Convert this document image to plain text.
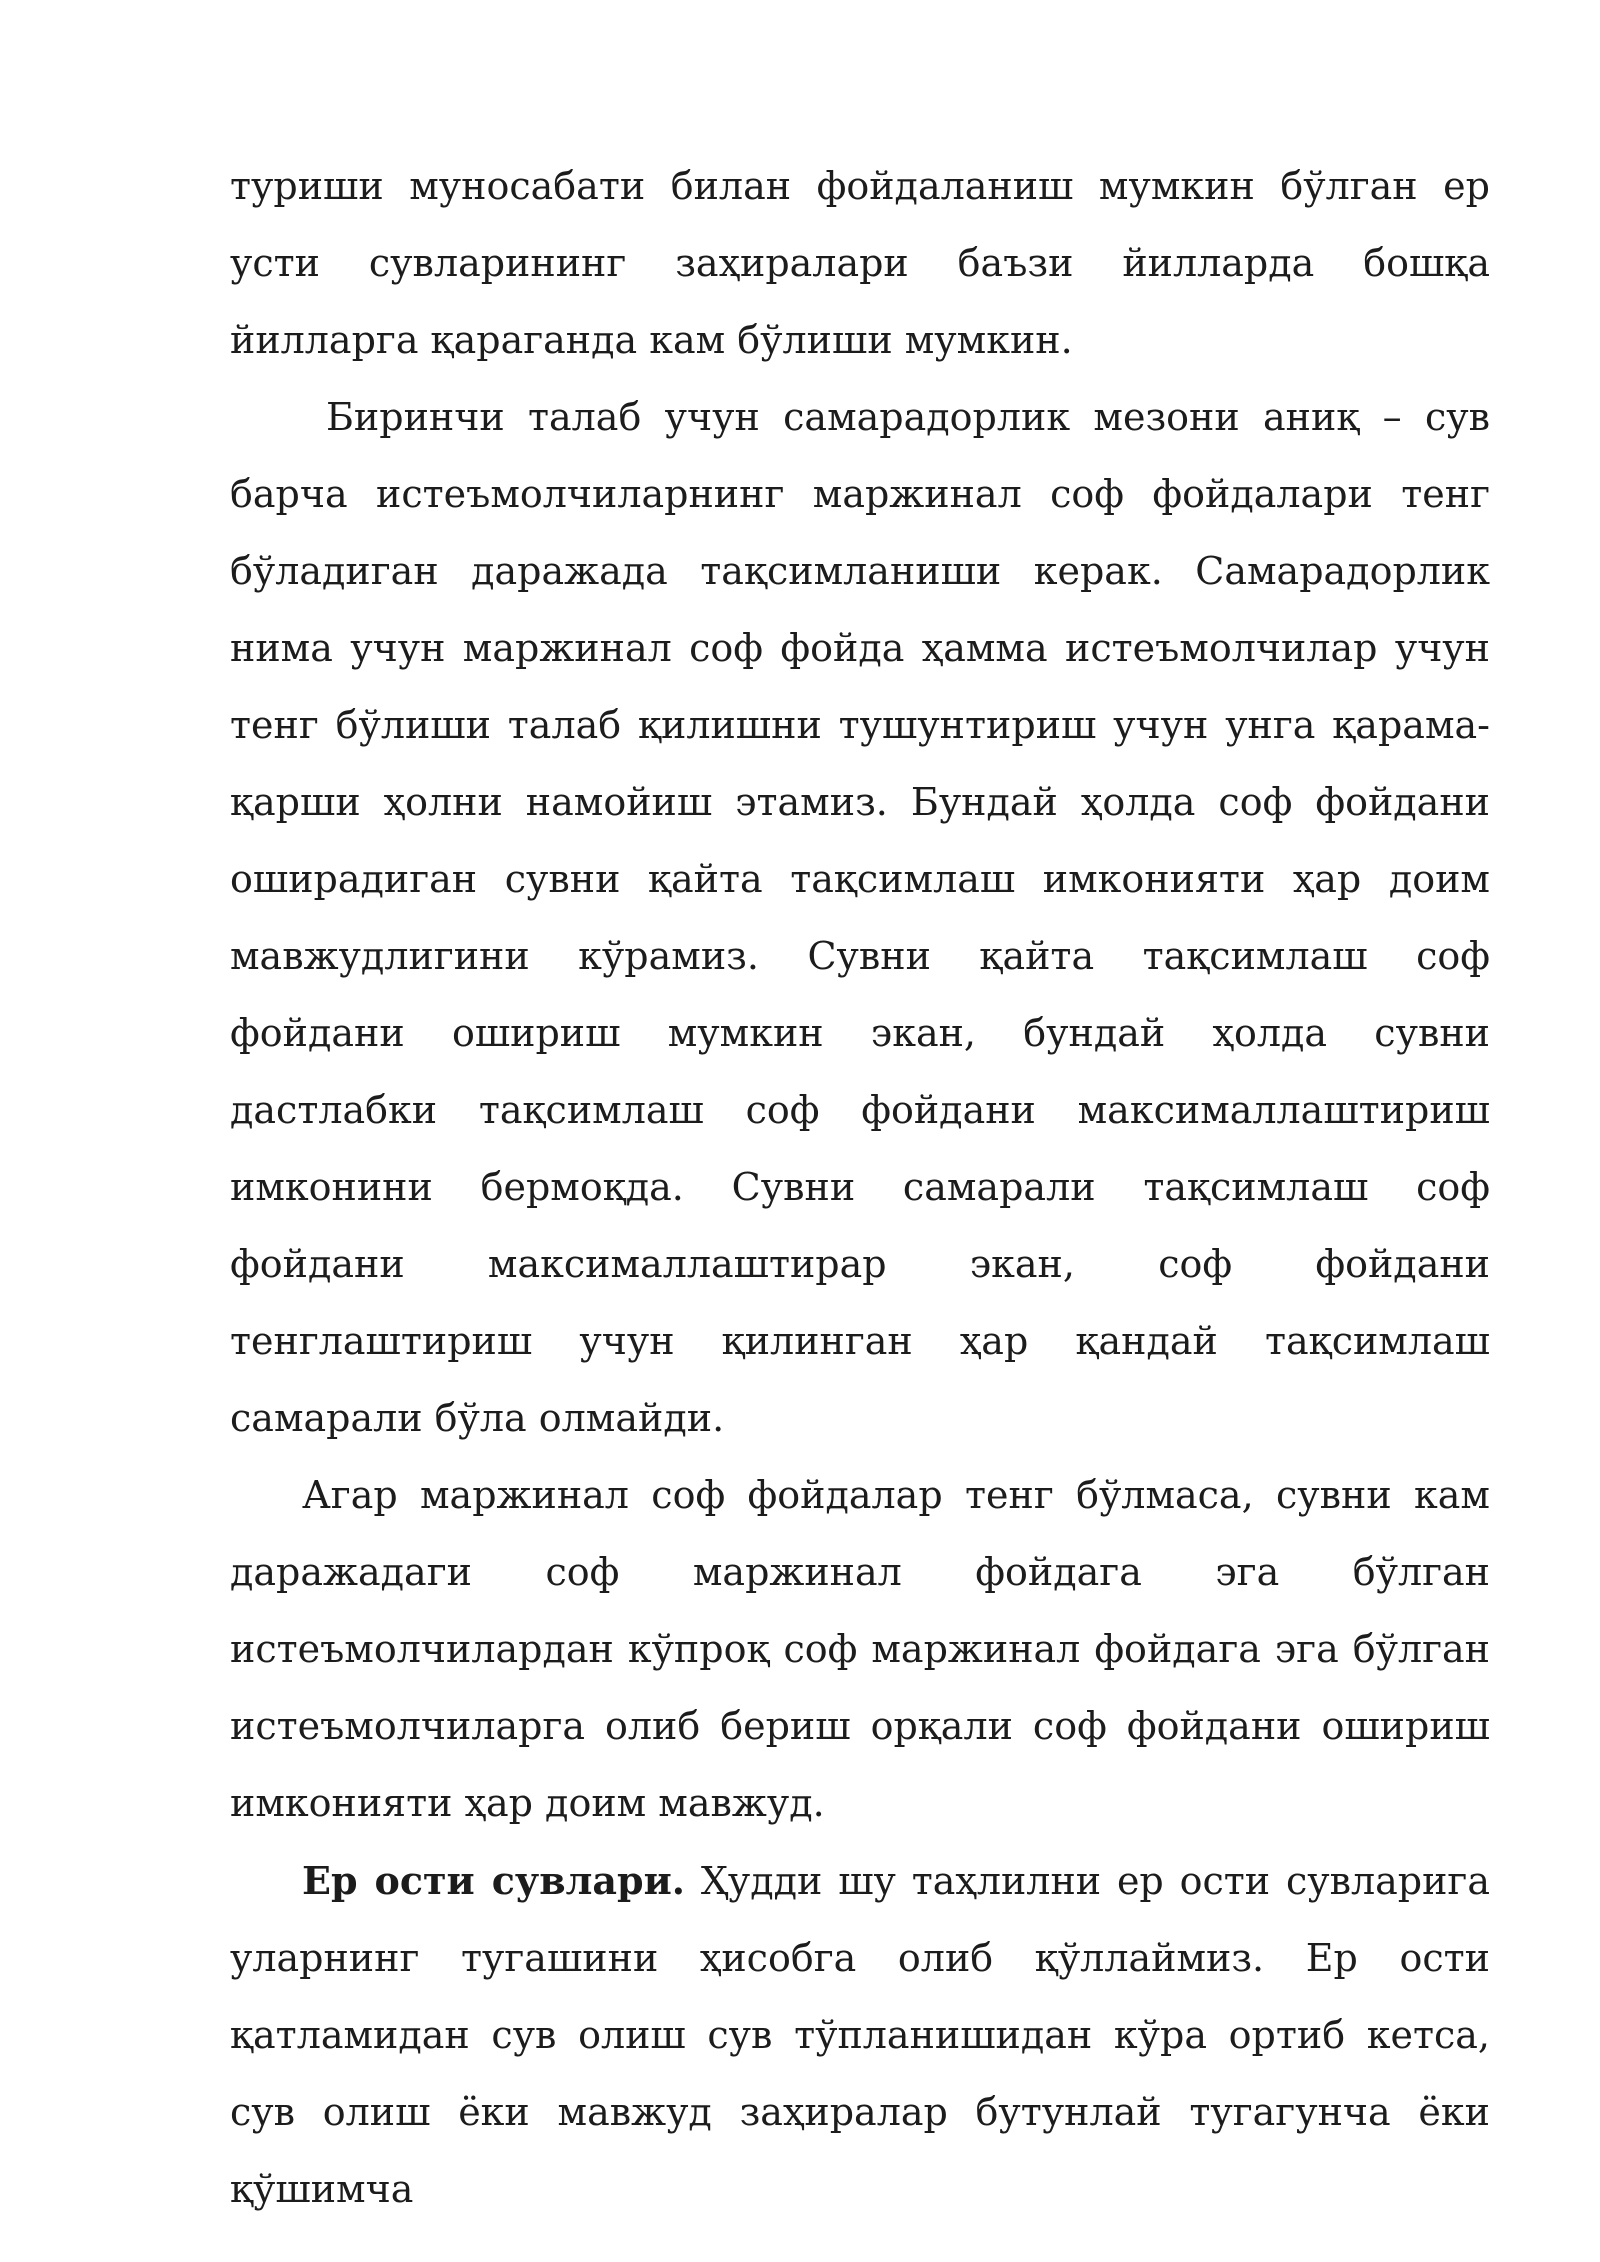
туриши муносабати билан фойдаланиш мумкин бўлган ер усти сувларининг заҳиралари баъзи йилларда бошқа йилларга қараганда кам бўлиши мумкин.

Биринчи талаб учун самарадорлик мезони аниқ – сув барча истеъмолчиларнинг маржинал соф фойдалари тенг бўладиган даражада тақсимланиши керак. Самарадорлик нима учун маржинал соф фойда ҳамма истеъмолчилар учун тенг бўлиши талаб қилишни тушунтириш учун унга қарама-қарши ҳолни намойиш этамиз. Бундай ҳолда соф фойдани оширадиган сувни қайта тақсимлаш имконияти ҳар доим мавжудлигини кўрамиз. Сувни қайта тақсимлаш соф фойдани ошириш мумкин экан, бундай ҳолда сувни дастлабки тақсимлаш соф фойдани максималлаштириш имконини бермоқда. Сувни самарали тақсимлаш соф фойдани максималлаштирар экан, соф фойдани тенглаштириш учун қилинган ҳар қандай тақсимлаш самарали бўла олмайди.

Агар маржинал соф фойдалар тенг бўлмаса, сувни кам даражадаги соф маржинал фойдага эга бўлган истеъмолчилардан кўпроқ соф маржинал фойдага эга бўлган истеъмолчиларга олиб бериш орқали соф фойдани ошириш имконияти ҳар доим мавжуд.

Ер ости сувлари. Ҳудди шу таҳлилни ер ости сувларига уларнинг тугашини ҳисобга олиб қўллаймиз. Ер ости қатламидан сув олиш сув тўпланишидан кўра ортиб кетса, сув олиш ёки мавжуд заҳиралар бутунлай тугагунча ёки қўшимча
